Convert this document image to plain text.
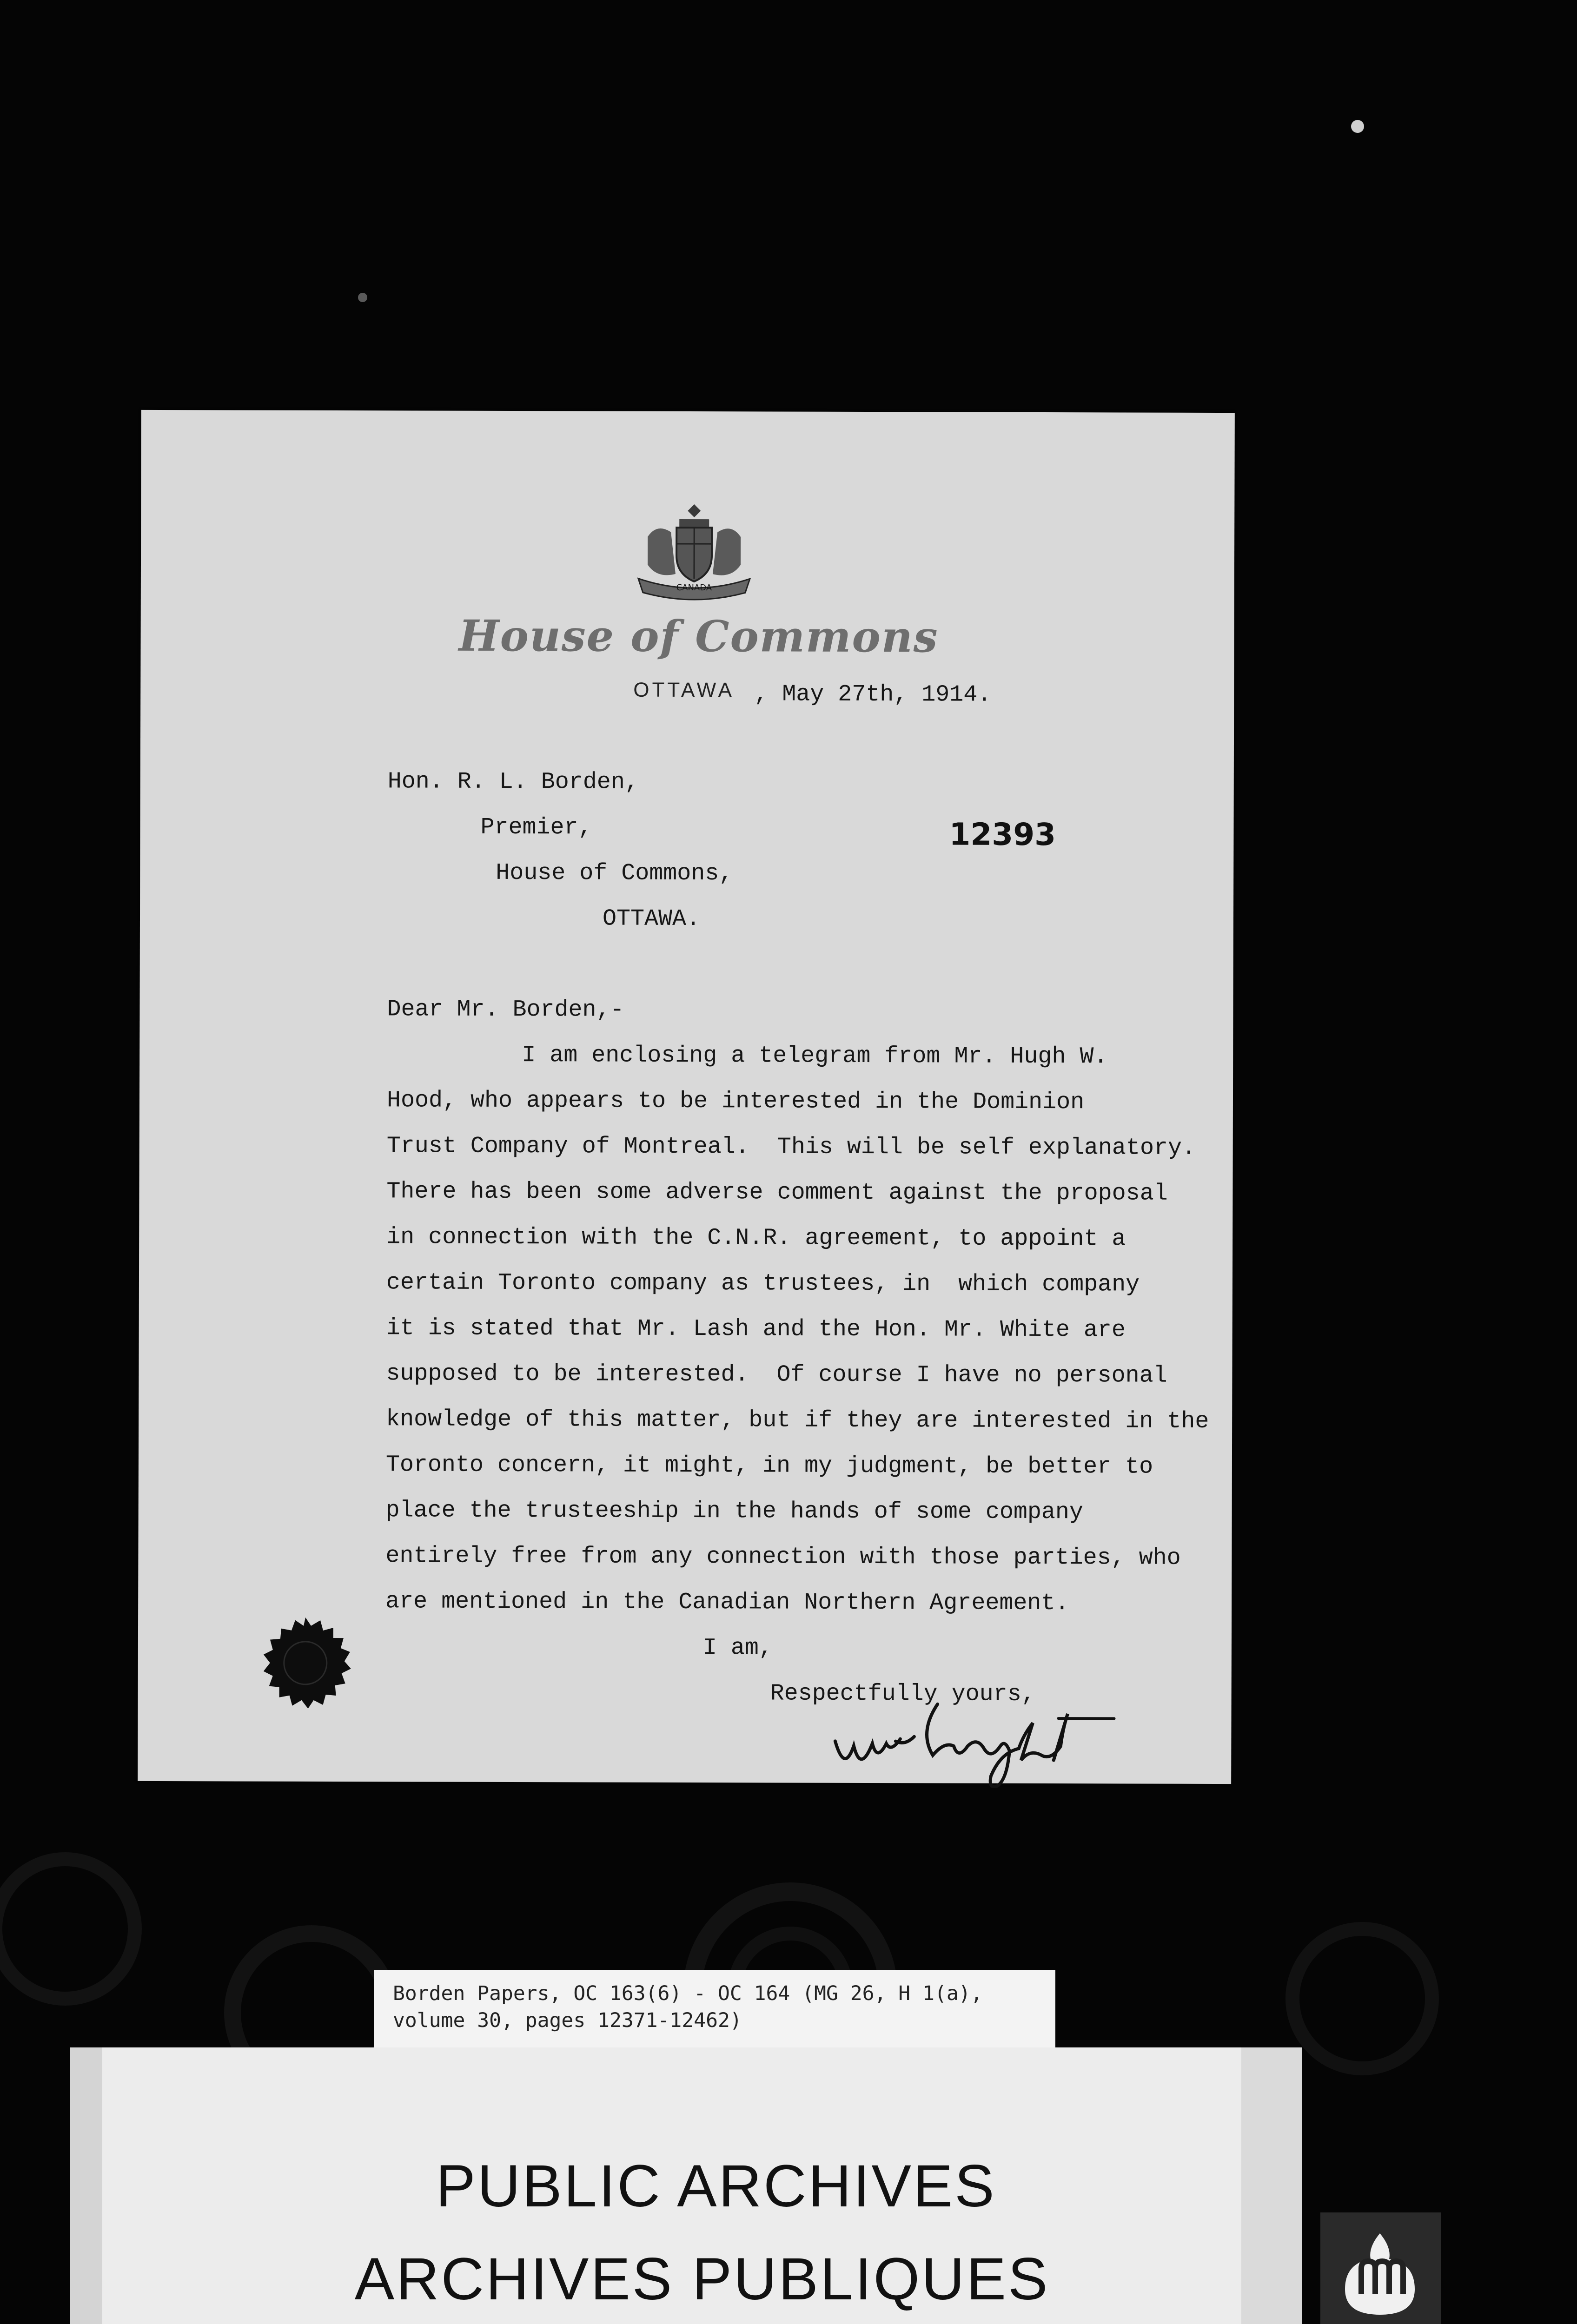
CANADA
House of Commons
OTTAWA , May 27th, 1914.
Hon. R. L. Borden,
Premier,
House of Commons,
OTTAWA.
12393
Dear Mr. Borden,-
I am enclosing a telegram from Mr. Hugh W.
Hood, who appears to be interested in the Dominion
Trust Company of Montreal.  This will be self explanatory.
There has been some adverse comment against the proposal
in connection with the C.N.R. agreement, to appoint a
certain Toronto company as trustees, in  which company
it is stated that Mr. Lash and the Hon. Mr. White are
supposed to be interested.  Of course I have no personal
knowledge of this matter, but if they are interested in the
Toronto concern, it might, in my judgment, be better to
place the trusteeship in the hands of some company
entirely free from any connection with those parties, who
are mentioned in the Canadian Northern Agreement.
I am,
Respectfully yours,
Borden Papers, OC 163(6) - OC 164 (MG 26, H 1(a),
volume 30, pages 12371-12462)
PUBLIC ARCHIVES
ARCHIVES PUBLIQUES
